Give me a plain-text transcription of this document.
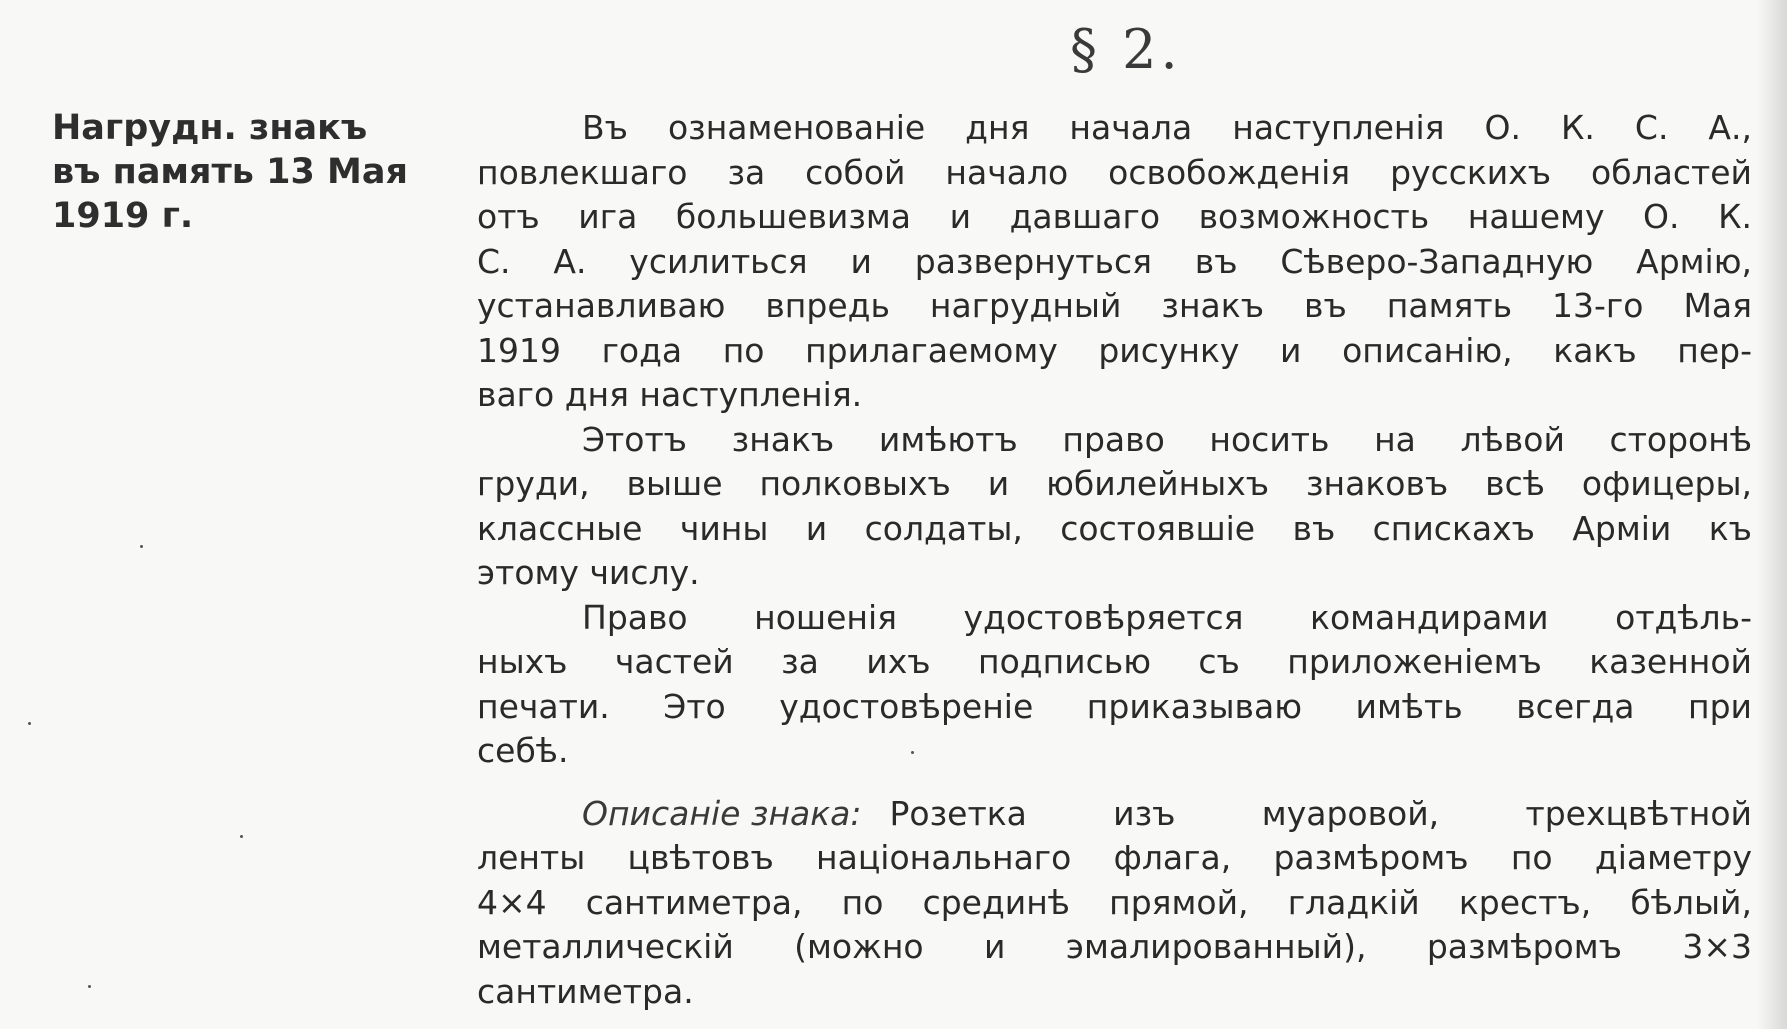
§ 2.
Нагрудн. знакъ
въ память 13 Мая
1919 г.
Въ ознаменованіе дня начала наступленія О. К. С. А.,
повлекшаго за собой начало освобожденія русскихъ областей
отъ ига большевизма и давшаго возможность нашему О. К.
С. А. усилиться и развернуться въ Сѣверо-Западную Армію,
устанавливаю впредь нагрудный знакъ въ память 13-го Мая
1919 года по прилагаемому рисунку и описанію, какъ пер-
ваго дня наступленія.
Этотъ знакъ имѣютъ право носить на лѣвой сторонѣ
груди, выше полковыхъ и юбилейныхъ знаковъ всѣ офицеры,
классные чины и солдаты, состоявшіе въ спискахъ Арміи къ
этому числу.
Право ношенія удостовѣряется командирами отдѣль-
ныхъ частей за ихъ подписью съ приложеніемъ казенной
печати. Это удостовѣреніе приказываю имѣть всегда при
себѣ.
Описаніе знака: Розетка изъ муаровой, трехцвѣтной
ленты цвѣтовъ національнаго флага, размѣромъ по діаметру
4×4 сантиметра, по срединѣ прямой, гладкій крестъ, бѣлый,
металлическій (можно и эмалированный), размѣромъ 3×3
сантиметра.
